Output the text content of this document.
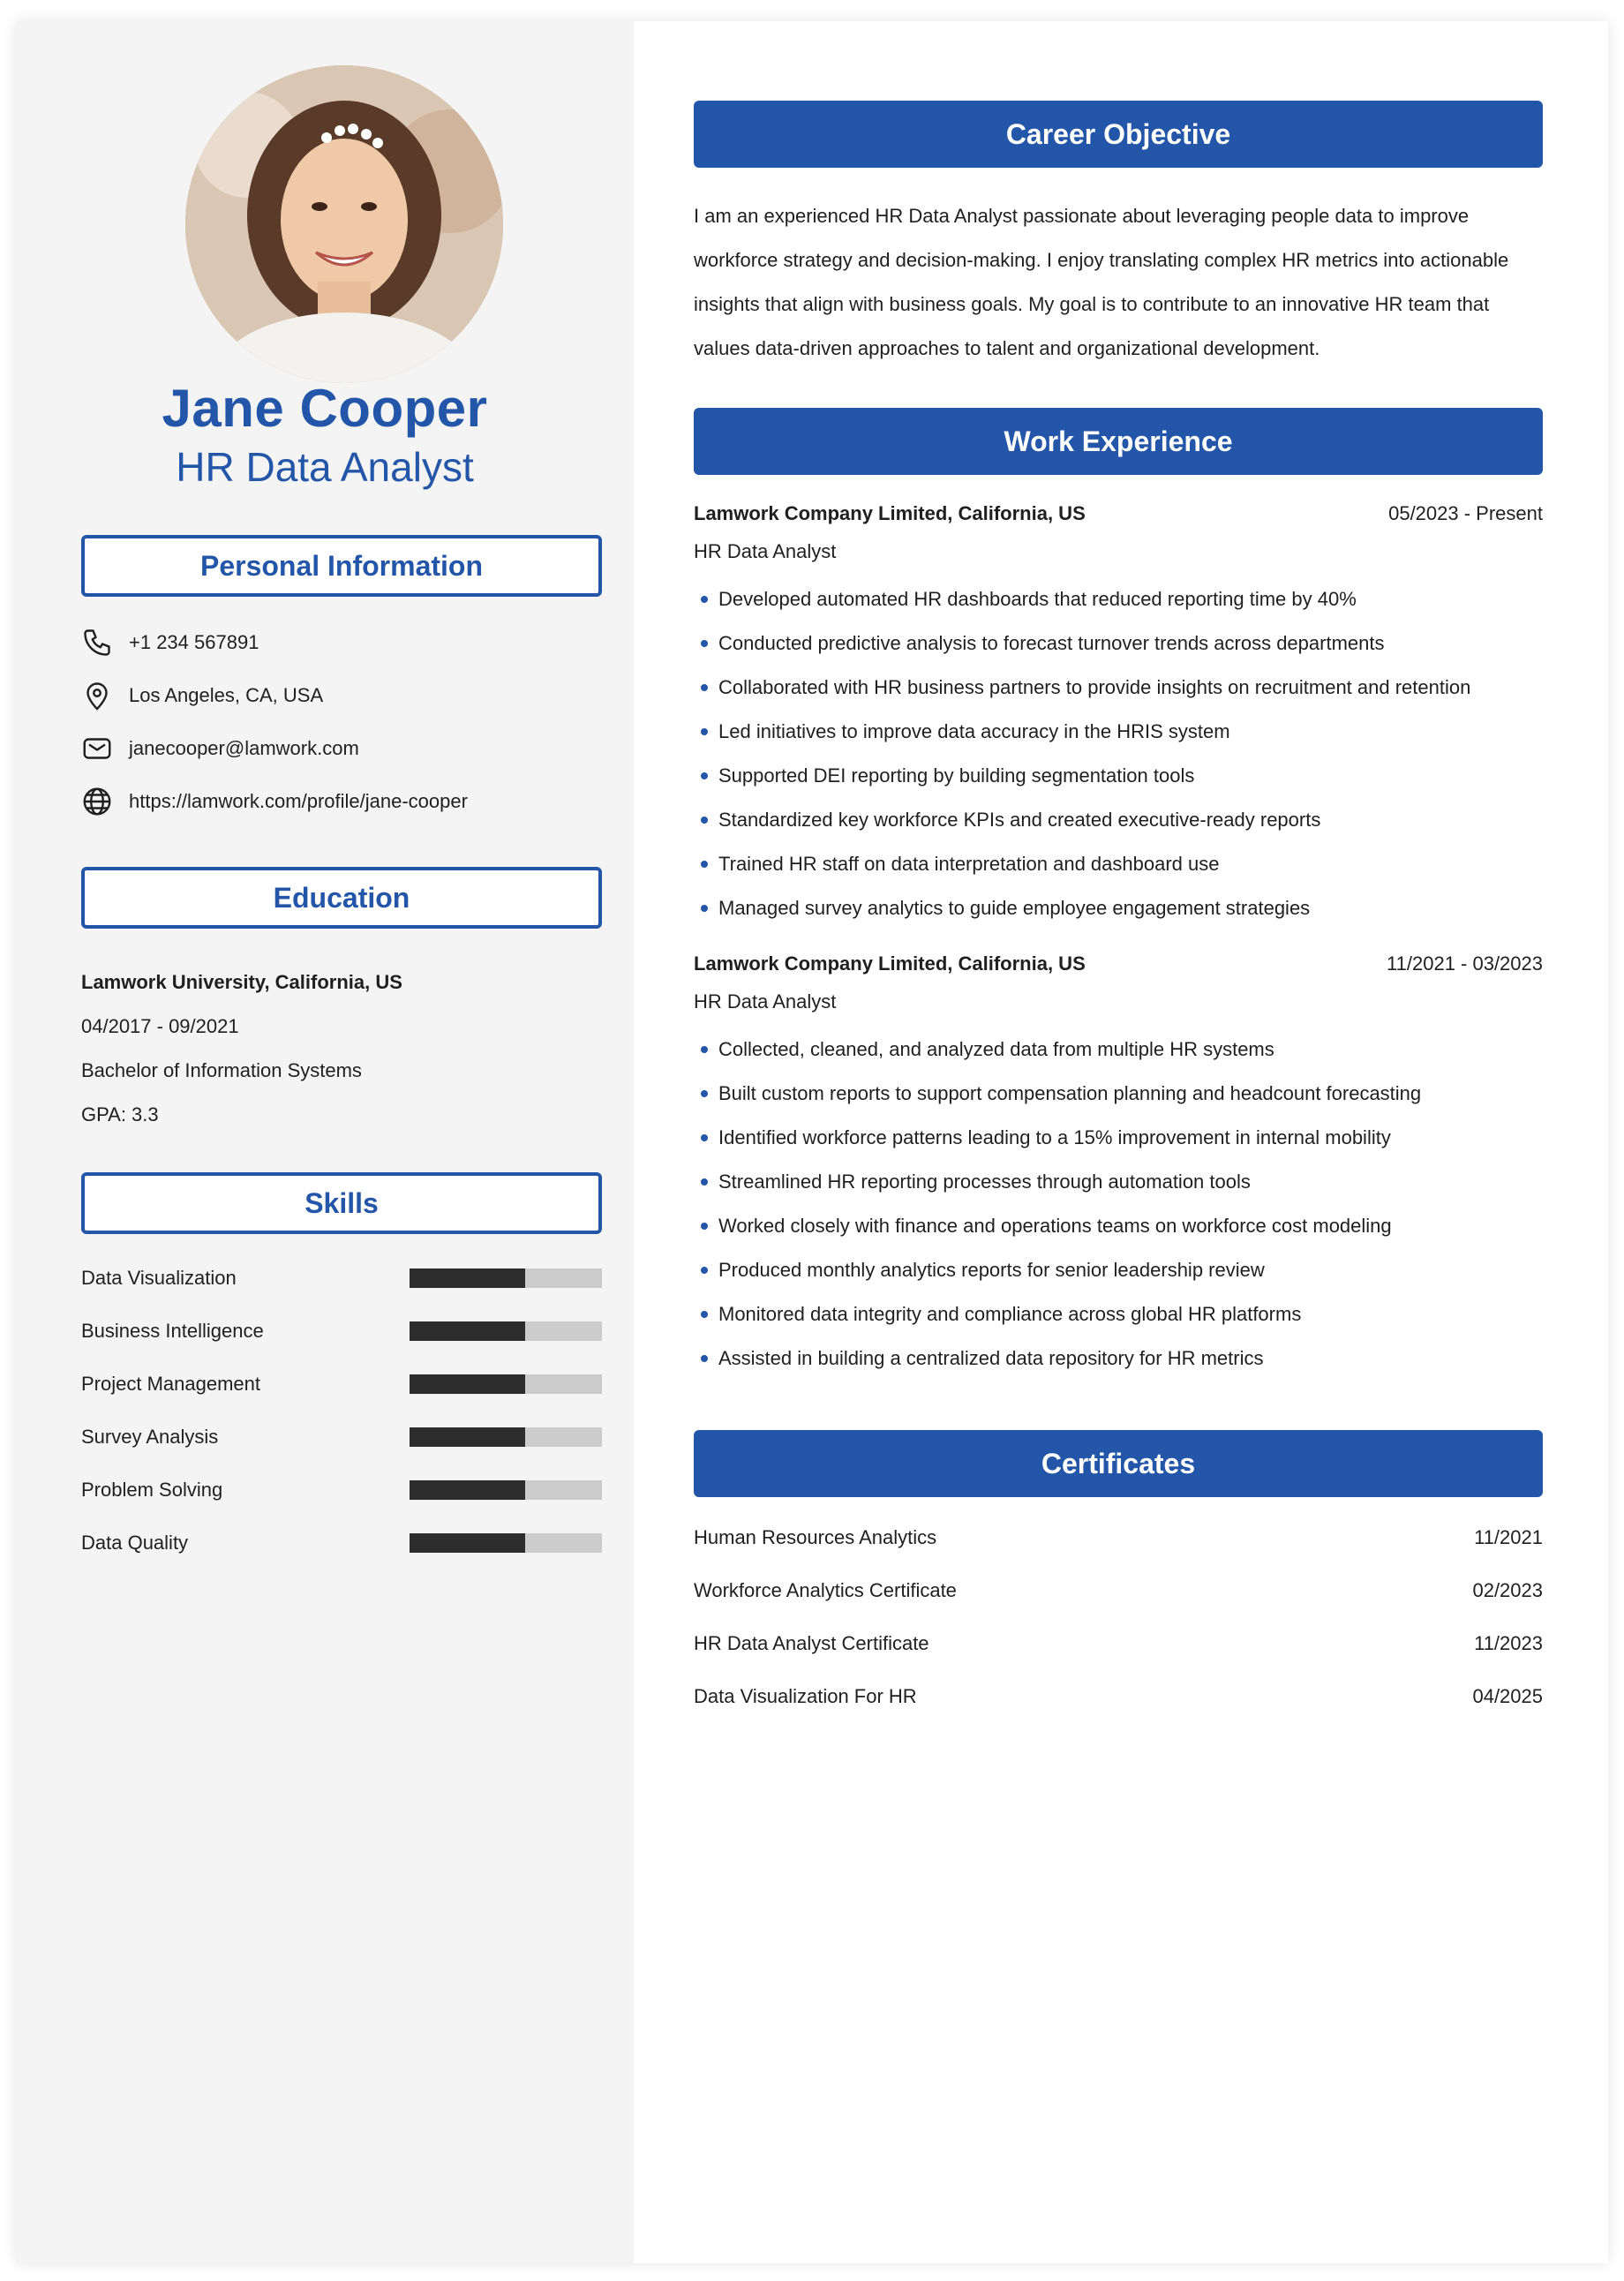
Jane Cooper
HR Data Analyst
Personal Information
+1 234 567891
Los Angeles, CA, USA
janecooper@lamwork.com
https://lamwork.com/profile/jane-cooper
Education
Lamwork University, California, US
04/2017 - 09/2021
Bachelor of Information Systems
GPA: 3.3
Skills
Data Visualization
Business Intelligence
Project Management
Survey Analysis
Problem Solving
Data Quality
Career Objective

I am an experienced HR Data Analyst passionate about leveraging people data to improve workforce strategy and decision-making. I enjoy translating complex HR metrics into actionable insights that align with business goals. My goal is to contribute to an innovative HR team that values data-driven approaches to talent and organizational development.

Work Experience
Lamwork Company Limited, California, US	05/2023 - Present
HR Data Analyst
Developed automated HR dashboards that reduced reporting time by 40%
Conducted predictive analysis to forecast turnover trends across departments
Collaborated with HR business partners to provide insights on recruitment and retention
Led initiatives to improve data accuracy in the HRIS system
Supported DEI reporting by building segmentation tools
Standardized key workforce KPIs and created executive-ready reports
Trained HR staff on data interpretation and dashboard use
Managed survey analytics to guide employee engagement strategies
Lamwork Company Limited, California, US	11/2021 - 03/2023
HR Data Analyst
Collected, cleaned, and analyzed data from multiple HR systems
Built custom reports to support compensation planning and headcount forecasting
Identified workforce patterns leading to a 15% improvement in internal mobility
Streamlined HR reporting processes through automation tools
Worked closely with finance and operations teams on workforce cost modeling
Produced monthly analytics reports for senior leadership review
Monitored data integrity and compliance across global HR platforms
Assisted in building a centralized data repository for HR metrics
Certificates
Human Resources Analytics	11/2021
Workforce Analytics Certificate	02/2023
HR Data Analyst Certificate	11/2023
Data Visualization For HR	04/2025
